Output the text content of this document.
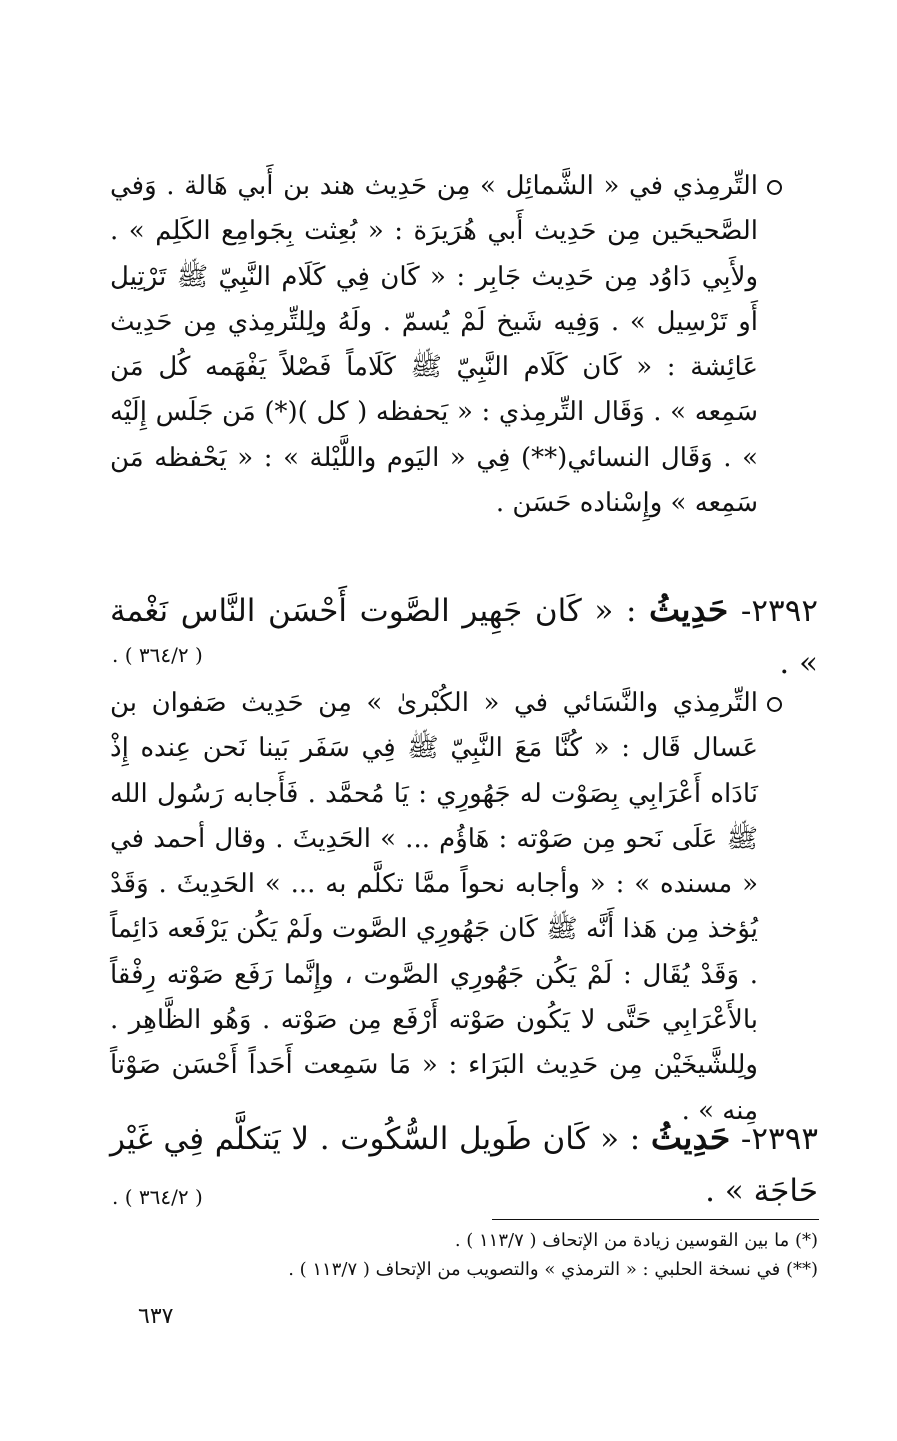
التِّرمِذي في « الشَّمائِل » مِن حَدِيث هند بن أَبي هَالة . وَفي الصَّحيحَين مِن حَدِيث أَبي هُرَيرَة : « بُعِثت بِجَوامِع الكَلِم » . ولأَبِي دَاوُد مِن حَدِيث جَابِر : « كَان فِي كَلَام النَّبِيّ ﷺ تَرْتِيل أَو تَرْسِيل » . وَفِيه شَيخ لَمْ يُسمّ . ولَهُ ولِلتِّرمِذي مِن حَدِيث عَائِشة : « كَان كَلَام النَّبِيّ ﷺ كَلَاماً فَصْلاً يَفْهَمه كُل مَن سَمِعه » . وَقَال التِّرمِذي : « يَحفظه ( كل )(*) مَن جَلَس إِلَيْه » . وَقَال النسائي(**) فِي « اليَوم واللَّيْلة » : « يَحْفظه مَن سَمِعه » وإِسْناده حَسَن .
٢٣٩٢- حَدِيثُ : « كَان جَهِير الصَّوت أَحْسَن النَّاس نَغْمة » .
( ٣٦٤/٢ ) .
التِّرمِذي والنَّسَائي في « الكُبْرىٰ » مِن حَدِيث صَفوان بن عَسال قَال : « كُنَّا مَعَ النَّبِيّ ﷺ فِي سَفَر بَينا نَحن عِنده إِذْ نَادَاه أَعْرَابِي بِصَوْت له جَهُورِي : يَا مُحمَّد . فَأَجابه رَسُول الله ﷺ عَلَى نَحو مِن صَوْته : هَاؤُم ... » الحَدِيثَ . وقال أحمد في « مسنده » : « وأجابه نحواً ممَّا تكلَّم به ... » الحَدِيثَ . وَقَدْ يُؤخذ مِن هَذا أَنَّه ﷺ كَان جَهُورِي الصَّوت ولَمْ يَكُن يَرْفَعه دَائِماً . وَقَدْ يُقَال : لَمْ يَكُن جَهُورِي الصَّوت ، وإِنَّما رَفَع صَوْته رِفْقاً بالأَعْرَابِي حَتَّى لا يَكُون صَوْته أَرْفَع مِن صَوْته . وَهُو الظَّاهِر . ولِلشَّيخَيْن مِن حَدِيث البَرَاء : « مَا سَمِعت أَحَداً أَحْسَن صَوْتاً مِنه » .
٢٣٩٣- حَدِيثُ : « كَان طَويل السُّكُوت . لا يَتكلَّم فِي غَيْر حَاجَة » .
( ٣٦٤/٢ ) .
(*) ما بين القوسين زيادة من الإتحاف ( ١١٣/٧ ) .
(**) في نسخة الحلبي : « الترمذي » والتصويب من الإتحاف ( ١١٣/٧ ) .
٦٣٧
